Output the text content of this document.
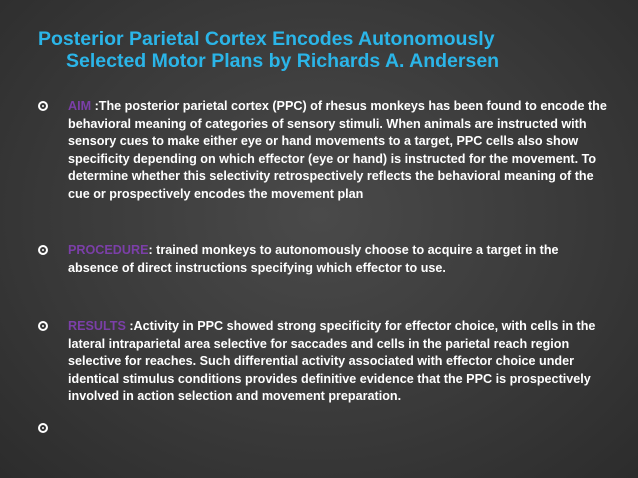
Posterior Parietal Cortex Encodes Autonomously
Selected Motor Plans by Richards A. Andersen
AIM :The posterior parietal cortex (PPC) of rhesus monkeys has been found to encode the behavioral meaning of categories of sensory stimuli. When animals are instructed with sensory cues to make either eye or hand movements to a target, PPC cells also show specificity depending on which effector (eye or hand) is instructed for the movement. To determine whether this selectivity retrospectively reflects the behavioral meaning of the cue or prospectively encodes the movement plan
PROCEDURE: trained monkeys to autonomously choose to acquire a target in the absence of direct instructions specifying which effector to use.
RESULTS :Activity in PPC showed strong specificity for effector choice, with cells in the lateral intraparietal area selective for saccades and cells in the parietal reach region selective for reaches. Such differential activity associated with effector choice under identical stimulus conditions provides definitive evidence that the PPC is prospectively involved in action selection and movement preparation.
